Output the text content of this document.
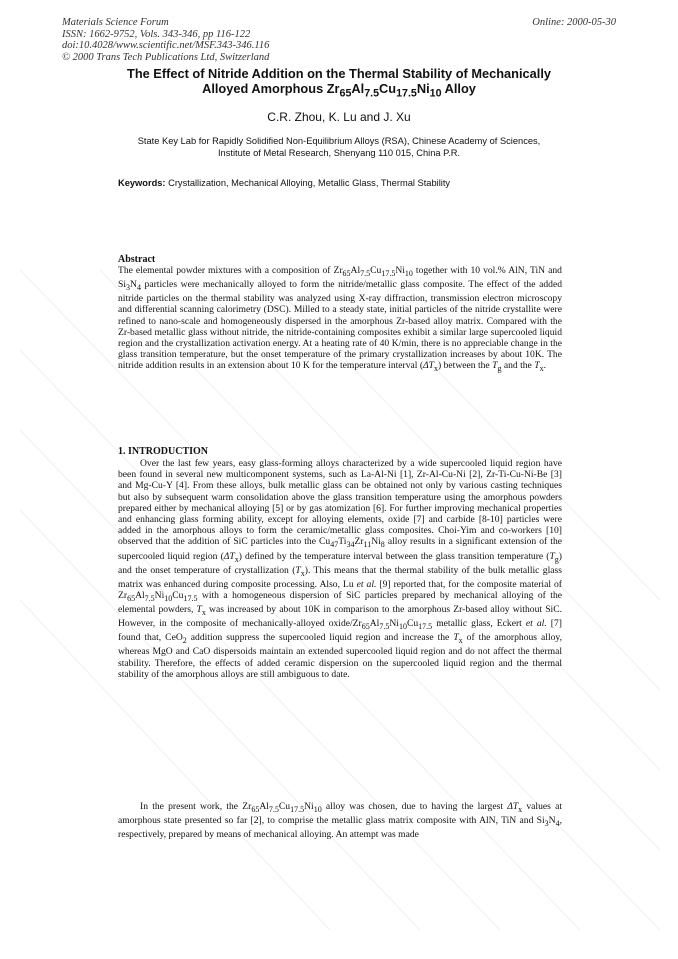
Materials Science Forum
ISSN: 1662-9752, Vols. 343-346, pp 116-122
doi:10.4028/www.scientific.net/MSF.343-346.116
© 2000 Trans Tech Publications Ltd, Switzerland
Online: 2000-05-30
The Effect of Nitride Addition on the Thermal Stability of Mechanically
Alloyed Amorphous $Zr_{65}Al_{7.5}Cu_{17.5}Ni_{10}$ Alloy
C.R. Zhou, K. Lu and J. Xu
State Key Lab for Rapidly Solidified Non-Equilibrium Alloys (RSA), Chinese Academy of Sciences,
Institute of Metal Research, Shenyang 110 015, China P.R.
Keywords: Crystallization, Mechanical Alloying, Metallic Glass, Thermal Stability
Abstract
The elemental powder mixtures with a composition of $Zr_{65}Al_{7.5}Cu_{17.5}Ni_{10}$ together with 10 vol.% AlN, TiN and $Si_3N_4$ particles were mechanically alloyed to form the nitride/metallic glass composite. The effect of the added nitride particles on the thermal stability was analyzed using X-ray diffraction, transmission electron microscopy and differential scanning calorimetry (DSC). Milled to a steady state, initial particles of the nitride crystallite were refined to nano-scale and homogeneously dispersed in the amorphous Zr-based alloy matrix. Compared with the Zr-based metallic glass without nitride, the nitride-containing composites exhibit a similar large supercooled liquid region and the crystallization activation energy. At a heating rate of 40 K/min, there is no appreciable change in the glass transition temperature, but the onset temperature of the primary crystallization increases by about 10K. The nitride addition results in an extension about 10 K for the temperature interval $(\Delta T_x)$ between the $T_g$ and the $T_x$.
1. INTRODUCTION
Over the last few years, easy glass-forming alloys characterized by a wide supercooled liquid region have been found in several new multicomponent systems, such as La-Al-Ni [1], Zr-Al-Cu-Ni [2], Zr-Ti-Cu-Ni-Be [3] and Mg-Cu-Y [4]. From these alloys, bulk metallic glass can be obtained not only by various casting techniques but also by subsequent warm consolidation above the glass transition temperature using the amorphous powders prepared either by mechanical alloying [5] or by gas atomization [6]. For further improving mechanical properties and enhancing glass forming ability, except for alloying elements, oxide [7] and carbide [8-10] particles were added in the amorphous alloys to form the ceramic/metallic glass composites. Choi-Yim and co-workers [10] observed that the addition of SiC particles into the $Cu_{47}Ti_{34}Zr_{11}Ni_8$ alloy results in a significant extension of the supercooled liquid region $(\Delta T_x)$ defined by the temperature interval between the glass transition temperature $(T_g)$ and the onset temperature of crystallization $(T_x)$. This means that the thermal stability of the bulk metallic glass matrix was enhanced during composite processing. Also, Lu et al. [9] reported that, for the composite material of $Zr_{65}Al_{7.5}Ni_{10}Cu_{17.5}$ with a homogeneous dispersion of SiC particles prepared by mechanical alloying of the elemental powders, $T_x$ was increased by about 10K in comparison to the amorphous Zr-based alloy without SiC. However, in the composite of mechanically-alloyed oxide/$Zr_{65}Al_{7.5}Ni_{10}Cu_{17.5}$ metallic glass, Eckert et al. [7] found that, CeO$_2$ addition suppress the supercooled liquid region and increase the $T_x$ of the amorphous alloy, whereas MgO and CaO dispersoids maintain an extended supercooled liquid region and do not affect the thermal stability. Therefore, the effects of added ceramic dispersion on the supercooled liquid region and the thermal stability of the amorphous alloys are still ambiguous to date.
In the present work, the $Zr_{65}Al_{7.5}Cu_{17.5}Ni_{10}$ alloy was chosen, due to having the largest $\Delta T_x$ values at amorphous state presented so far [2], to comprise the metallic glass matrix composite with AlN, TiN and $Si_3N_4$, respectively, prepared by means of mechanical alloying. An attempt was made
